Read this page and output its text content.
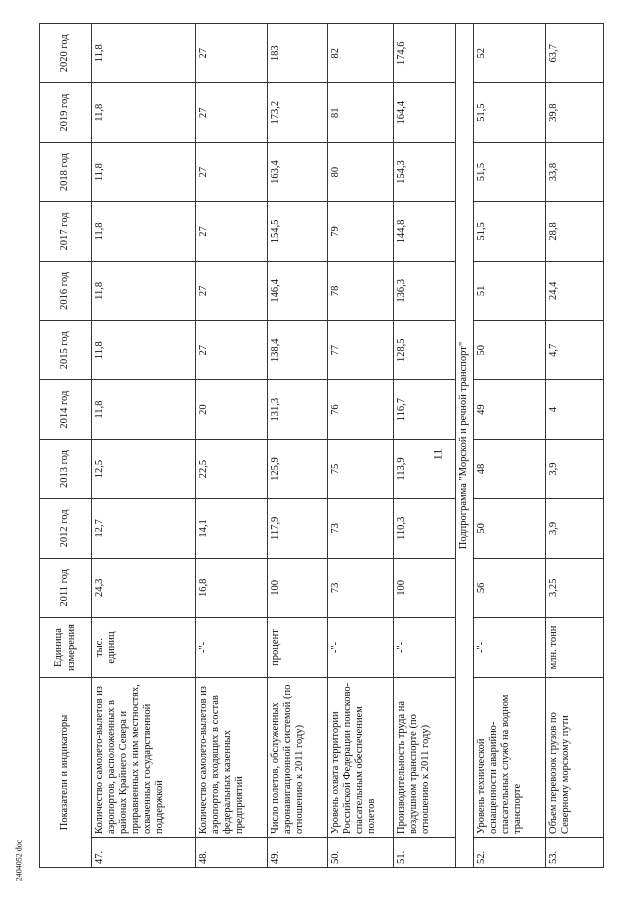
11
2404052 doc
Показатели и индикаторы		Единица измерения	2011 год	2012 год	2013 год	2014 год	2015 год	2016 год	2017 год	2018 год	2019 год	2020 год
47.	Количество самолето-вылетов из аэропортов, расположенных в районах Крайнего Севера и приравненных к ним местностях, охваченных государственной поддержкой	тыс. единиц	24,3	12,7	12,5	11,8	11,8	11,8	11,8	11,8	11,8	11,8
48.	Количество самолето-вылетов из аэропортов, входящих в состав федеральных казенных предприятий	-"-	16,8	14,1	22,5	20	27	27	27	27	27	27
49.	Число полетов, обслуженных аэронавигационной системой (по отношению к 2011 году)	процент	100	117,9	125,9	131,3	138,4	146,4	154,5	163,4	173,2	183
50.	Уровень охвата территории Российской Федерации поисково-спасательным обеспечением полетов	-"-	73	73	75	76	77	78	79	80	81	82
51.	Производительность труда на воздушном транспорте (по отношению к 2011 году)	-"-	100	110,3	113,9	116,7	128,5	136,3	144,8	154,3	164,4	174,6
Подпрограмма "Морской и речной транспорт"												
52.	Уровень технической оснащенности аварийно-спасательных служб на водном транспорте	-"-	56	50	48	49	50	51	51,5	51,5	51,5	52
53.	Объем перевозок грузов по Северному морскому пути	млн. тонн	3,25	3,9	3,9	4	4,7	24,4	28,8	33,8	39,8	63,7
